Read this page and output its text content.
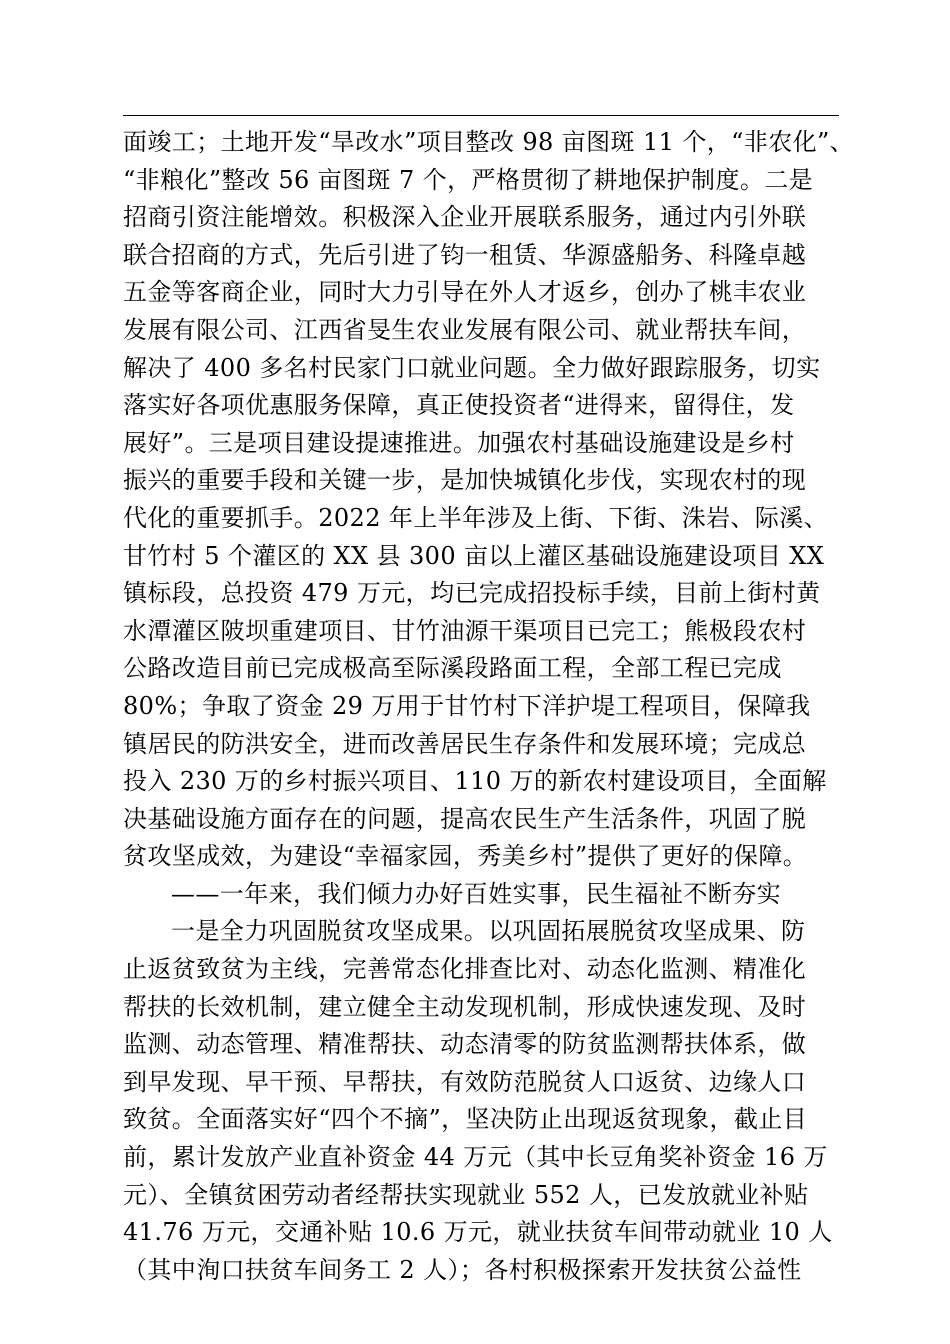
面竣工；土地开发“旱改水”项目整改 98 亩图斑 11 个，“非农化”、
“非粮化”整改 56 亩图斑 7 个，严格贯彻了耕地保护制度。二是
招商引资注能增效。积极深入企业开展联系服务，通过内引外联
联合招商的方式，先后引进了钧一租赁、华源盛船务、科隆卓越
五金等客商企业，同时大力引导在外人才返乡，创办了桃丰农业
发展有限公司、江西省旻生农业发展有限公司、就业帮扶车间，
解决了 400 多名村民家门口就业问题。全力做好跟踪服务，切实
落实好各项优惠服务保障，真正使投资者“进得来，留得住，发
展好”。三是项目建设提速推进。加强农村基础设施建设是乡村
振兴的重要手段和关键一步，是加快城镇化步伐，实现农村的现
代化的重要抓手。2022 年上半年涉及上街、下街、洙岩、际溪、
甘竹村 5 个灌区的 XX 县 300 亩以上灌区基础设施建设项目 XX
镇标段，总投资 479 万元，均已完成招投标手续，目前上街村黄
水潭灌区陂坝重建项目、甘竹油源干渠项目已完工；熊极段农村
公路改造目前已完成极高至际溪段路面工程，全部工程已完成
80%；争取了资金 29 万用于甘竹村下洋护堤工程项目，保障我
镇居民的防洪安全，进而改善居民生存条件和发展环境；完成总
投入 230 万的乡村振兴项目、110 万的新农村建设项目，全面解
决基础设施方面存在的问题，提高农民生产生活条件，巩固了脱
贫攻坚成效，为建设“幸福家园，秀美乡村”提供了更好的保障。
——一年来，我们倾力办好百姓实事，民生福祉不断夯实
一是全力巩固脱贫攻坚成果。以巩固拓展脱贫攻坚成果、防
止返贫致贫为主线，完善常态化排查比对、动态化监测、精准化
帮扶的长效机制，建立健全主动发现机制，形成快速发现、及时
监测、动态管理、精准帮扶、动态清零的防贫监测帮扶体系，做
到早发现、早干预、早帮扶，有效防范脱贫人口返贫、边缘人口
致贫。全面落实好“四个不摘”，坚决防止出现返贫现象，截止目
前，累计发放产业直补资金 44 万元（其中长豆角奖补资金 16 万
元）、全镇贫困劳动者经帮扶实现就业 552 人，已发放就业补贴
41.76 万元，交通补贴 10.6 万元，就业扶贫车间带动就业 10 人
（其中洵口扶贫车间务工 2 人）；各村积极探索开发扶贫公益性
